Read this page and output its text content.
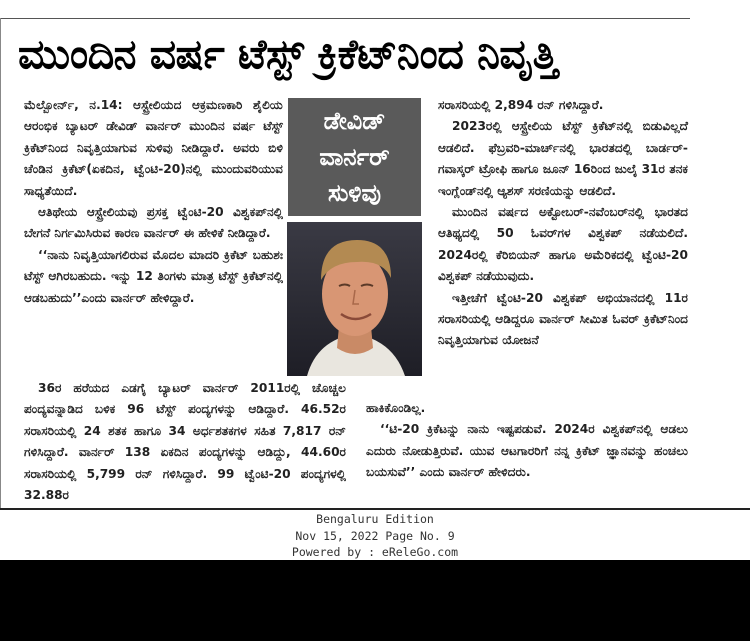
ಮುಂದಿನ ವರ್ಷ ಟೆಸ್ಟ್ ಕ್ರಿಕೆಟ್‌ನಿಂದ ನಿವೃತ್ತಿ

ಮೆಲ್ಬೋರ್ನ್, ನ.14: ಆಸ್ಟ್ರೇಲಿಯದ ಆಕ್ರಮಣಕಾರಿ ಶೈಲಿಯ ಆರಂಭಿಕ ಬ್ಯಾಟರ್ ಡೇವಿಡ್ ವಾರ್ನರ್ ಮುಂದಿನ ವರ್ಷ ಟೆಸ್ಟ್ ಕ್ರಿಕೆಟ್‌ನಿಂದ ನಿವೃತ್ತಿಯಾಗುವ ಸುಳಿವು ನೀಡಿದ್ದಾರೆ. ಅವರು ಬಿಳಿ ಚೆಂಡಿನ ಕ್ರಿಕೆಟ್(ಏಕದಿನ, ಟ್ವೆಂಟಿ-20)ನಲ್ಲಿ ಮುಂದುವರಿಯುವ ಸಾಧ್ಯತೆಯಿದೆ.

ಆತಿಥೇಯ ಆಸ್ಟ್ರೇಲಿಯವು ಪ್ರಸಕ್ತ ಟ್ವೆಂಟಿ-20 ವಿಶ್ವಕಪ್‌ನಲ್ಲಿ ಬೇಗನೆ ನಿರ್ಗಮಿಸಿರುವ ಕಾರಣ ವಾರ್ನರ್ ಈ ಹೇಳಿಕೆ ನೀಡಿದ್ದಾರೆ.

‘‘ನಾನು ನಿವೃತ್ತಿಯಾಗಲಿರುವ ಮೊದಲ ಮಾದರಿ ಕ್ರಿಕೆಟ್ ಬಹುಶಃ ಟೆಸ್ಟ್ ಆಗಿರಬಹುದು. ಇನ್ನು 12 ತಿಂಗಳು ಮಾತ್ರ ಟೆಸ್ಟ್ ಕ್ರಿಕೆಟ್‌ನಲ್ಲಿ ಆಡಬಹುದು’’ಎಂದು ವಾರ್ನರ್ ಹೇಳಿದ್ದಾರೆ.

ಡೇವಿಡ್
ವಾರ್ನರ್
ಸುಳಿವು

ಸರಾಸರಿಯಲ್ಲಿ 2,894 ರನ್ ಗಳಿಸಿದ್ದಾರೆ.

2023ರಲ್ಲಿ ಆಸ್ಟ್ರೇಲಿಯ ಟೆಸ್ಟ್ ಕ್ರಿಕೆಟ್‌ನಲ್ಲಿ ಬಿಡುವಿಲ್ಲದೆ ಆಡಲಿದೆ. ಫೆಬ್ರವರಿ-ಮಾರ್ಚ್‌ನಲ್ಲಿ ಭಾರತದಲ್ಲಿ ಬಾರ್ಡರ್-ಗವಾಸ್ಕರ್ ಟ್ರೋಫಿ ಹಾಗೂ ಜೂನ್ 16ರಿಂದ ಜುಲೈ 31ರ ತನಕ ಇಂಗ್ಲೆಂಡ್‌ನಲ್ಲಿ ಆ್ಯಶಸ್ ಸರಣಿಯನ್ನು ಆಡಲಿದೆ.

ಮುಂದಿನ ವರ್ಷದ ಅಕ್ಟೋಬರ್-ನವೆಂಬರ್‌ನಲ್ಲಿ ಭಾರತದ ಆತಿಥ್ಯದಲ್ಲಿ 50 ಓವರ್‌ಗಳ ವಿಶ್ವಕಪ್ ನಡೆಯಲಿದೆ. 2024ರಲ್ಲಿ ಕೆರಿಬಿಯನ್ ಹಾಗೂ ಅಮೆರಿಕದಲ್ಲಿ ಟ್ವೆಂಟಿ-20 ವಿಶ್ವಕಪ್ ನಡೆಯುವುದು.

ಇತ್ತೀಚೆಗೆ ಟ್ವೆಂಟಿ-20 ವಿಶ್ವಕಪ್ ಅಭಿಯಾನದಲ್ಲಿ 11ರ ಸರಾಸರಿಯಲ್ಲಿ ಆಡಿದ್ದರೂ ವಾರ್ನರ್ ಸೀಮಿತ ಓವರ್ ಕ್ರಿಕೆಟ್‌ನಿಂದ ನಿವೃತ್ತಿಯಾಗುವ ಯೋಜನೆ

36ರ ಹರೆಯದ ಎಡಗೈ ಬ್ಯಾಟರ್ ವಾರ್ನರ್ 2011ರಲ್ಲಿ ಚೊಚ್ಚಲ ಪಂದ್ಯವನ್ನಾಡಿದ ಬಳಿಕ 96 ಟೆಸ್ಟ್ ಪಂದ್ಯಗಳನ್ನು ಆಡಿದ್ದಾರೆ. 46.52ರ ಸರಾಸರಿಯಲ್ಲಿ 24 ಶತಕ ಹಾಗೂ 34 ಅರ್ಧಶತಕಗಳ ಸಹಿತ 7,817 ರನ್ ಗಳಿಸಿದ್ದಾರೆ. ವಾರ್ನರ್ 138 ಏಕದಿನ ಪಂದ್ಯಗಳನ್ನು ಆಡಿದ್ದು, 44.60ರ ಸರಾಸರಿಯಲ್ಲಿ 5,799 ರನ್ ಗಳಿಸಿದ್ದಾರೆ. 99 ಟ್ವೆಂಟಿ-20 ಪಂದ್ಯಗಳಲ್ಲಿ 32.88ರ

ಹಾಕಿಕೊಂಡಿಲ್ಲ.

‘‘ಟಿ-20 ಕ್ರಿಕೆಟನ್ನು ನಾನು ಇಷ್ಟಪಡುವೆ. 2024ರ ವಿಶ್ವಕಪ್‌ನಲ್ಲಿ ಆಡಲು ಎದುರು ನೋಡುತ್ತಿರುವೆ. ಯುವ ಆಟಗಾರರಿಗೆ ನನ್ನ ಕ್ರಿಕೆಟ್ ಜ್ಞಾನವನ್ನು ಹಂಚಲು ಬಯಸುವೆ’’ ಎಂದು ವಾರ್ನರ್ ಹೇಳಿದರು.

Bengaluru Edition
Nov 15, 2022 Page No. 9
Powered by : eReleGo.com
